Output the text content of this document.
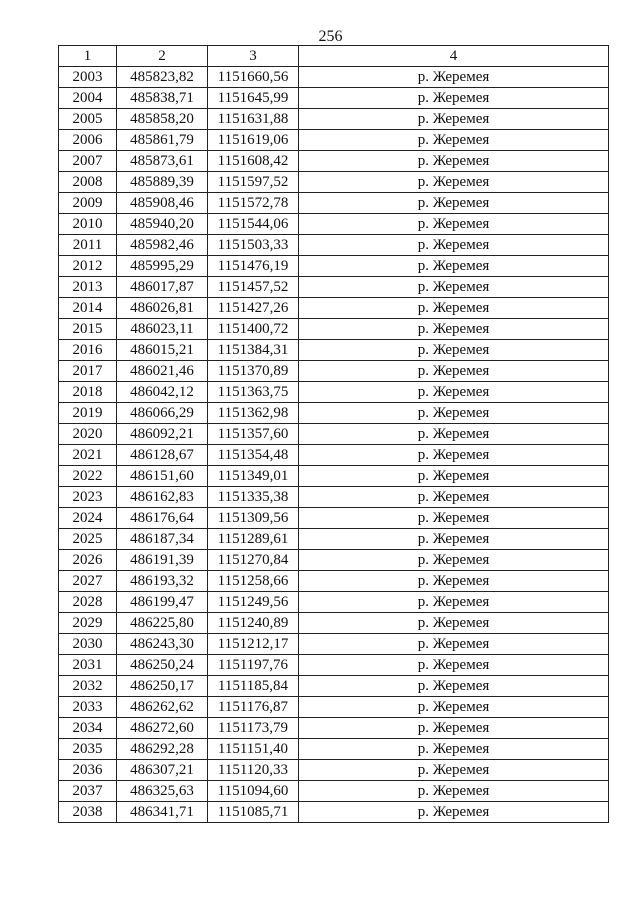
256
1	2	3	4
2003	485823,82	1151660,56	р. Жеремея
2004	485838,71	1151645,99	р. Жеремея
2005	485858,20	1151631,88	р. Жеремея
2006	485861,79	1151619,06	р. Жеремея
2007	485873,61	1151608,42	р. Жеремея
2008	485889,39	1151597,52	р. Жеремея
2009	485908,46	1151572,78	р. Жеремея
2010	485940,20	1151544,06	р. Жеремея
2011	485982,46	1151503,33	р. Жеремея
2012	485995,29	1151476,19	р. Жеремея
2013	486017,87	1151457,52	р. Жеремея
2014	486026,81	1151427,26	р. Жеремея
2015	486023,11	1151400,72	р. Жеремея
2016	486015,21	1151384,31	р. Жеремея
2017	486021,46	1151370,89	р. Жеремея
2018	486042,12	1151363,75	р. Жеремея
2019	486066,29	1151362,98	р. Жеремея
2020	486092,21	1151357,60	р. Жеремея
2021	486128,67	1151354,48	р. Жеремея
2022	486151,60	1151349,01	р. Жеремея
2023	486162,83	1151335,38	р. Жеремея
2024	486176,64	1151309,56	р. Жеремея
2025	486187,34	1151289,61	р. Жеремея
2026	486191,39	1151270,84	р. Жеремея
2027	486193,32	1151258,66	р. Жеремея
2028	486199,47	1151249,56	р. Жеремея
2029	486225,80	1151240,89	р. Жеремея
2030	486243,30	1151212,17	р. Жеремея
2031	486250,24	1151197,76	р. Жеремея
2032	486250,17	1151185,84	р. Жеремея
2033	486262,62	1151176,87	р. Жеремея
2034	486272,60	1151173,79	р. Жеремея
2035	486292,28	1151151,40	р. Жеремея
2036	486307,21	1151120,33	р. Жеремея
2037	486325,63	1151094,60	р. Жеремея
2038	486341,71	1151085,71	р. Жеремея
